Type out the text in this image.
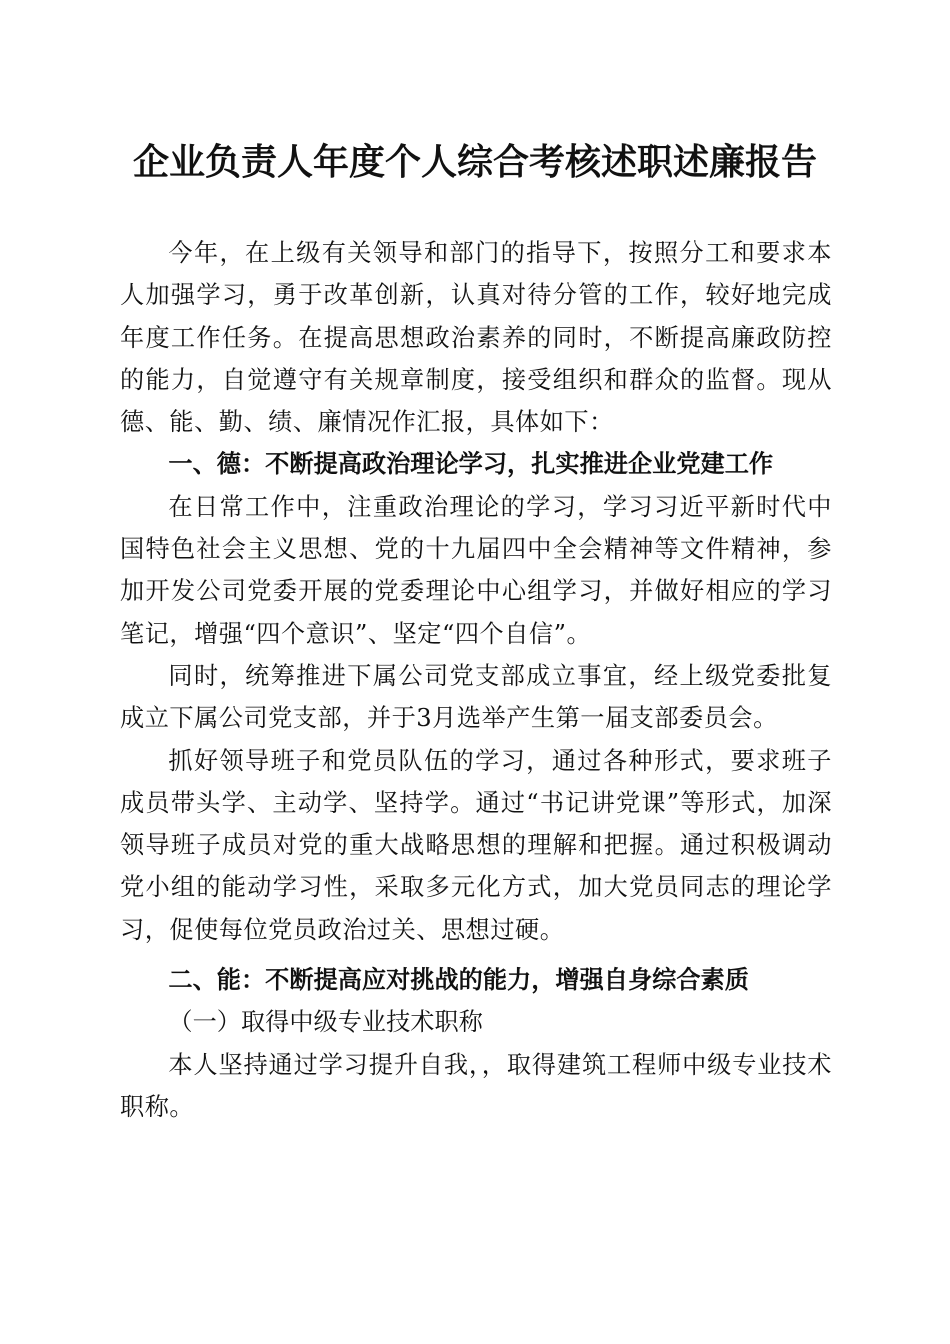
企业负责人年度个人综合考核述职述廉报告

今年，在上级有关领导和部门的指导下，按照分工和要求本人加强学习，勇于改革创新，认真对待分管的工作，较好地完成年度工作任务。在提高思想政治素养的同时，不断提高廉政防控的能力，自觉遵守有关规章制度，接受组织和群众的监督。现从德、能、勤、绩、廉情况作汇报，具体如下：

一、德：不断提高政治理论学习，扎实推进企业党建工作

在日常工作中，注重政治理论的学习，学习习近平新时代中国特色社会主义思想、党的十九届四中全会精神等文件精神，参加开发公司党委开展的党委理论中心组学习，并做好相应的学习笔记，增强“四个意识”、坚定“四个自信”。

同时，统筹推进下属公司党支部成立事宜，经上级党委批复成立下属公司党支部，并于3月选举产生第一届支部委员会。

抓好领导班子和党员队伍的学习，通过各种形式，要求班子成员带头学、主动学、坚持学。通过“书记讲党课”等形式，加深领导班子成员对党的重大战略思想的理解和把握。通过积极调动党小组的能动学习性，采取多元化方式，加大党员同志的理论学习，促使每位党员政治过关、思想过硬。

二、能：不断提高应对挑战的能力，增强自身综合素质

（一）取得中级专业技术职称

本人坚持通过学习提升自我，，取得建筑工程师中级专业技术职称。
